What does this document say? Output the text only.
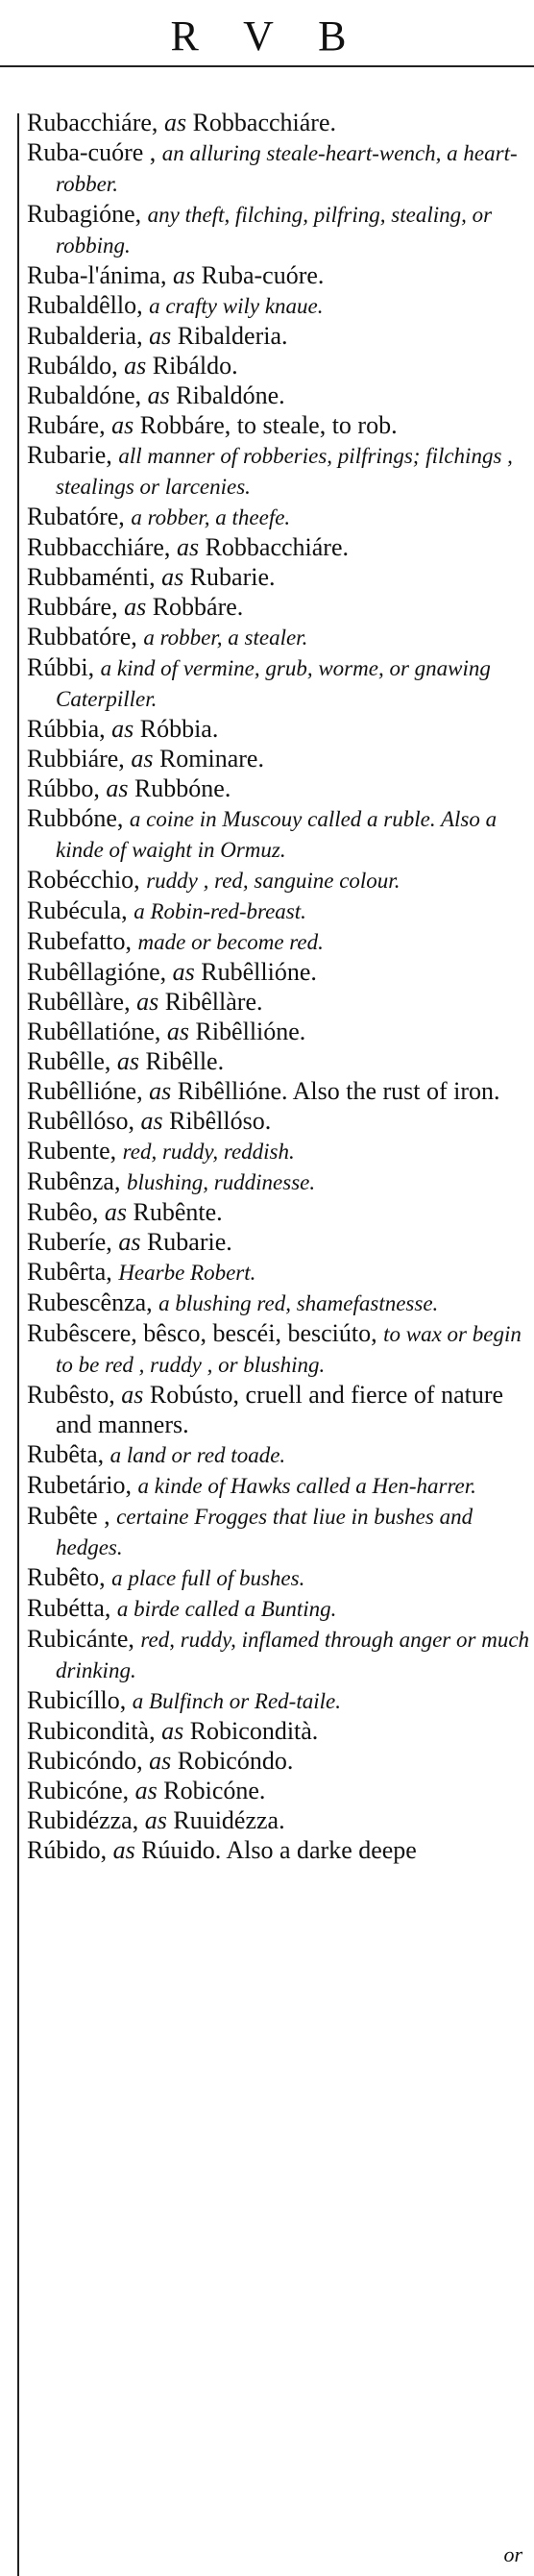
R V B
Rubacchiáre, as Robbacchiáre.
Ruba-cuóre , an alluring steale-heart-wench, a heart-robber.
Rubagióne, any theft, filching, pilfring, stealing, or robbing.
Ruba-l'ánima, as Ruba-cuóre.
Rubaldêllo, a crafty wily knaue.
Rubalderia, as Ribalderia.
Rubáldo, as Ribáldo.
Rubaldóne, as Ribaldóne.
Rubáre, as Robbáre, to steale, to rob.
Rubarie, all manner of robberies, pilfrings; filchings , stealings or larcenies.
Rubatóre, a robber, a theefe.
Rubbacchiáre, as Robbacchiáre.
Rubbaménti, as Rubarie.
Rubbáre, as Robbáre.
Rubbatóre, a robber, a stealer.
Rúbbi, a kind of vermine, grub, worme, or gnawing Caterpiller.
Rúbbia, as Róbbia.
Rubbiáre, as Rominare.
Rúbbo, as Rubbóne.
Rubbóne, a coine in Muscouy called a ruble. Also a kinde of waight in Ormuz.
Robécchio, ruddy , red, sanguine colour.
Rubécula, a Robin-red-breast.
Rubefatto, made or become red.
Rubêllagióne, as Rubêllióne.
Rubêllàre, as Ribêllàre.
Rubêllatióne, as Ribêllióne.
Rubêlle, as Ribêlle.
Rubêllióne, as Ribêllióne. Also the rust of iron.
Rubêllóso, as Ribêllóso.
Rubente, red, ruddy, reddish.
Rubênza, blushing, ruddinesse.
Rubêo, as Rubênte.
Ruberíe, as Rubarie.
Rubêrta, Hearbe Robert.
Rubescênza, a blushing red, shamefastnesse.
Rubêscere, bêsco, bescéi, besciúto, to wax or begin to be red , ruddy , or blushing.
Rubêsto, as Robústo, cruell and fierce of nature and manners.
Rubêta, a land or red toade.
Rubetário, a kinde of Hawks called a Hen-harrer.
Rubête , certaine Frogges that liue in bushes and hedges.
Rubêto, a place full of bushes.
Rubétta, a birde called a Bunting.
Rubicánte, red, ruddy, inflamed through anger or much drinking.
Rubicíllo, a Bulfinch or Red-taile.
Rubicondità, as Robicondità.
Rubicóndo, as Robicóndo.
Rubicóne, as Robicóne.
Rubidézza, as Ruuidézza.
Rúbido, as Rúuido. Also a darke deepe
or
